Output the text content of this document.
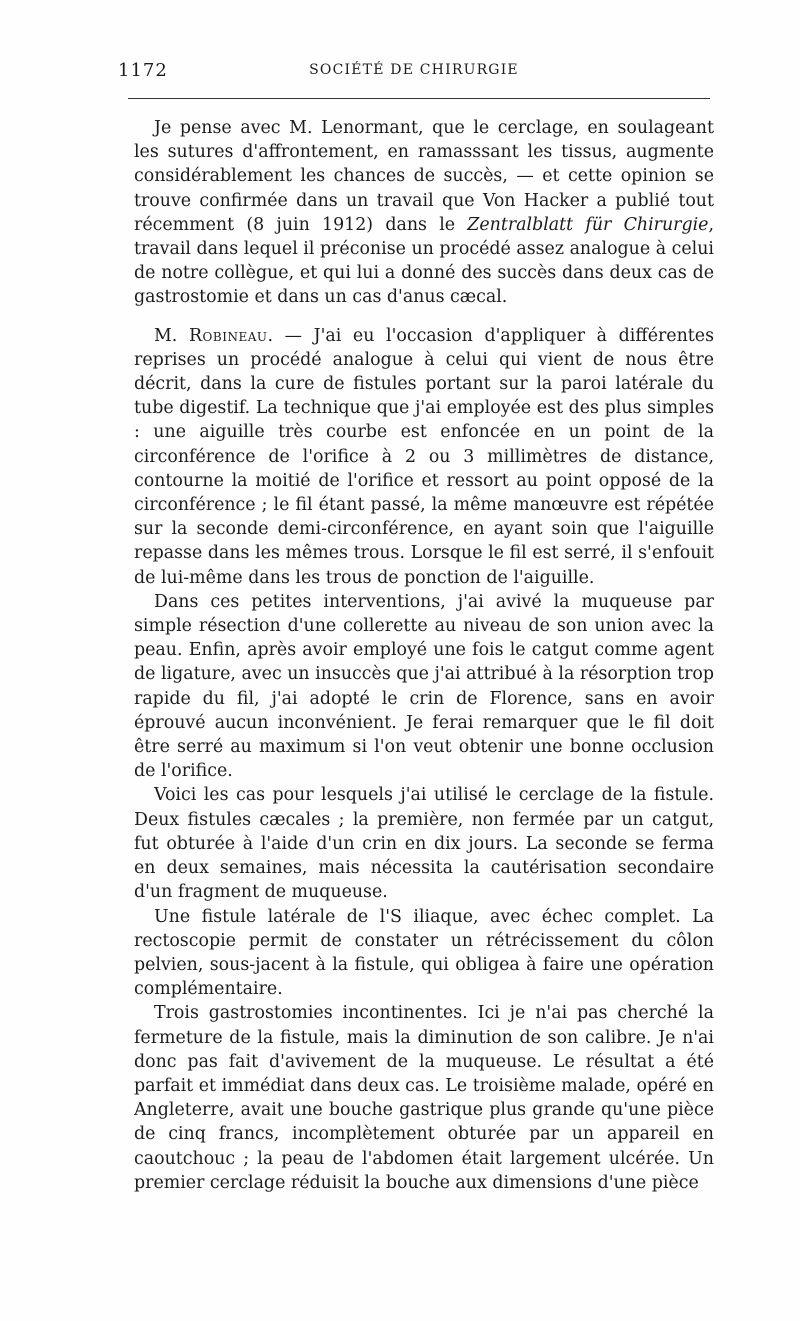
1172	SOCIÉTÉ DE CHIRURGIE

Je pense avec M. Lenormant, que le cerclage, en soulageant les sutures d'affrontement, en ramasssant les tissus, augmente considérablement les chances de succès, — et cette opinion se trouve confirmée dans un travail que Von Hacker a publié tout récemment (8 juin 1912) dans le Zentralblatt für Chirurgie, travail dans lequel il préconise un procédé assez analogue à celui de notre collègue, et qui lui a donné des succès dans deux cas de gastrostomie et dans un cas d'anus cæcal.

M. Robineau. — J'ai eu l'occasion d'appliquer à différentes reprises un procédé analogue à celui qui vient de nous être décrit, dans la cure de fistules portant sur la paroi latérale du tube digestif. La technique que j'ai employée est des plus simples : une aiguille très courbe est enfoncée en un point de la circonférence de l'orifice à 2 ou 3 millimètres de distance, contourne la moitié de l'orifice et ressort au point opposé de la circonférence ; le fil étant passé, la même manœuvre est répétée sur la seconde demi-circonférence, en ayant soin que l'aiguille repasse dans les mêmes trous. Lorsque le fil est serré, il s'enfouit de lui-même dans les trous de ponction de l'aiguille.

Dans ces petites interventions, j'ai avivé la muqueuse par simple résection d'une collerette au niveau de son union avec la peau. Enfin, après avoir employé une fois le catgut comme agent de ligature, avec un insuccès que j'ai attribué à la résorption trop rapide du fil, j'ai adopté le crin de Florence, sans en avoir éprouvé aucun inconvénient. Je ferai remarquer que le fil doit être serré au maximum si l'on veut obtenir une bonne occlusion de l'orifice.

Voici les cas pour lesquels j'ai utilisé le cerclage de la fistule. Deux fistules cæcales ; la première, non fermée par un catgut, fut obturée à l'aide d'un crin en dix jours. La seconde se ferma en deux semaines, mais nécessita la cautérisation secondaire d'un fragment de muqueuse.

Une fistule latérale de l'S iliaque, avec échec complet. La rectoscopie permit de constater un rétrécissement du côlon pelvien, sous-jacent à la fistule, qui obligea à faire une opération complémentaire.

Trois gastrostomies incontinentes. Ici je n'ai pas cherché la fermeture de la fistule, mais la diminution de son calibre. Je n'ai donc pas fait d'avivement de la muqueuse. Le résultat a été parfait et immédiat dans deux cas. Le troisième malade, opéré en Angleterre, avait une bouche gastrique plus grande qu'une pièce de cinq francs, incomplètement obturée par un appareil en caoutchouc ; la peau de l'abdomen était largement ulcérée. Un premier cerclage réduisit la bouche aux dimensions d'une pièce
